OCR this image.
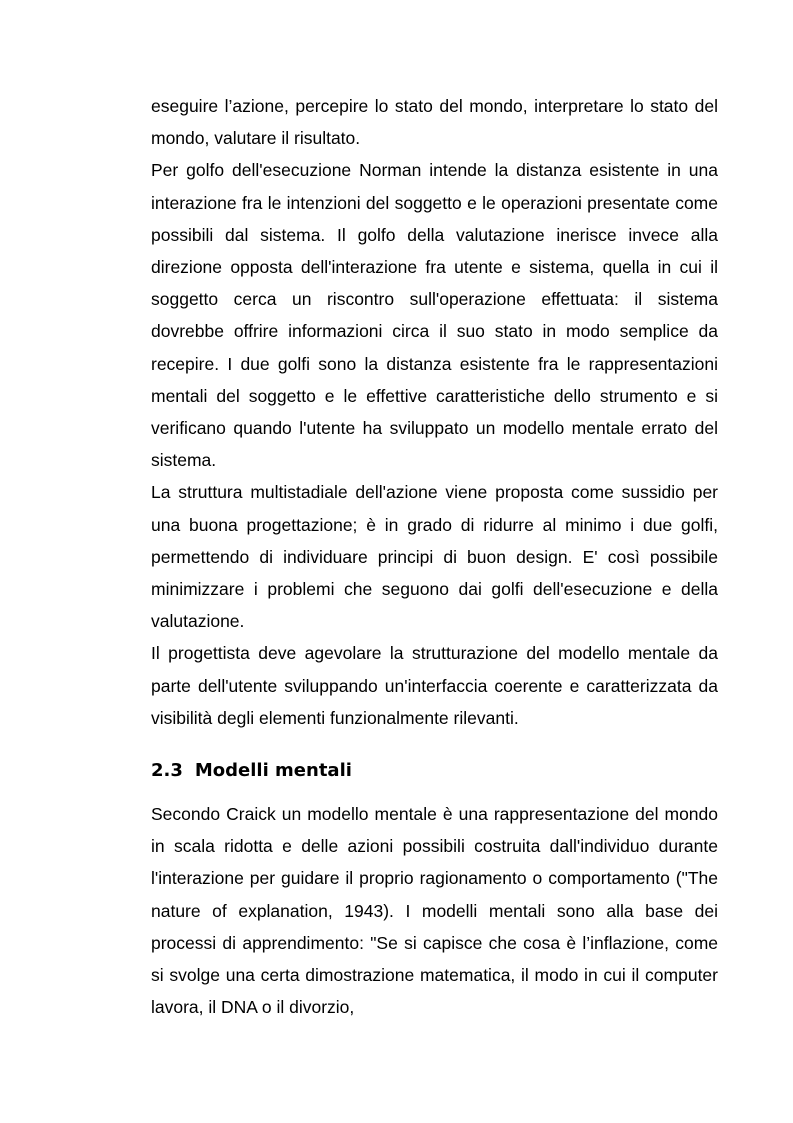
eseguire l’azione, percepire lo stato del mondo, interpretare lo stato del mondo, valutare il risultato.

Per golfo dell'esecuzione Norman intende la distanza esistente in una interazione fra le intenzioni del soggetto e le operazioni presentate come possibili dal sistema. Il golfo della valutazione inerisce invece alla direzione opposta dell'interazione fra utente e sistema, quella in cui il soggetto cerca un riscontro sull'operazione effettuata: il sistema dovrebbe offrire informazioni circa il suo stato in modo semplice da recepire. I due golfi sono la distanza esistente fra le rappresentazioni mentali del soggetto e le effettive caratteristiche dello strumento e si verificano quando l'utente ha sviluppato un modello mentale errato del sistema.

La struttura multistadiale dell'azione viene proposta come sussidio per una buona progettazione; è in grado di ridurre al minimo i due golfi, permettendo di individuare principi di buon design. E' così possibile minimizzare i problemi che seguono dai golfi dell'esecuzione e della valutazione.

Il progettista deve agevolare la strutturazione del modello mentale da parte dell'utente sviluppando un'interfaccia coerente e caratterizzata da visibilità degli elementi funzionalmente rilevanti.

2.3 Modelli mentali

Secondo Craick un modello mentale è una rappresentazione del mondo in scala ridotta e delle azioni possibili costruita dall'individuo durante l'interazione per guidare il proprio ragionamento o comportamento ("The nature of explanation, 1943). I modelli mentali sono alla base dei processi di apprendimento: "Se si capisce che cosa è l’inflazione, come si svolge una certa dimostrazione matematica, il modo in cui il computer lavora, il DNA o il divorzio,
